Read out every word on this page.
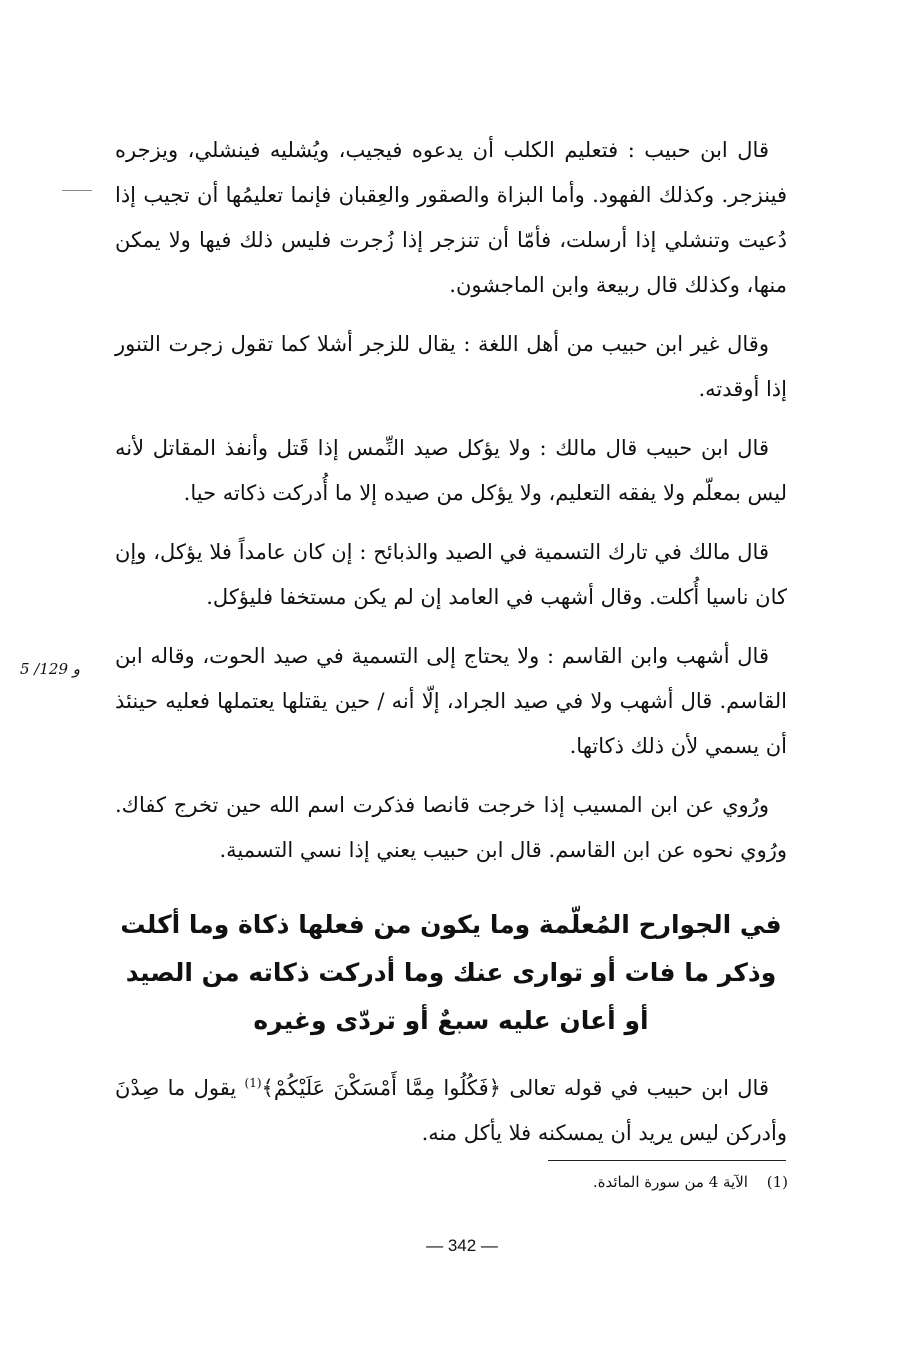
قال ابن حبيب : فتعليم الكلب أن يدعوه فيجيب، ويُشليه فينشلي، ويزجره فينزجر. وكذلك الفهود. وأما البزاة والصقور والعِقبان فإنما تعليمُها أن تجيب إذا دُعيت وتنشلي إذا أرسلت، فأمّا أن تنزجر إذا زُجرت فليس ذلك فيها ولا يمكن منها، وكذلك قال ربيعة وابن الماجشون.

وقال غير ابن حبيب من أهل اللغة : يقال للزجر أشلا كما تقول زجرت التنور إذا أوقدته.

قال ابن حبيب قال مالك : ولا يؤكل صيد النِّمس إذا قَتل وأنفذ المقاتل لأنه ليس بمعلّم ولا يفقه التعليم، ولا يؤكل من صيده إلا ما أُدركت ذكاته حيا.

قال مالك في تارك التسمية في الصيد والذبائح : إن كان عامداً فلا يؤكل، وإن كان ناسيا أُكلت. وقال أشهب في العامد إن لم يكن مستخفا فليؤكل.

قال أشهب وابن القاسم : ولا يحتاج إلى التسمية في صيد الحوت، وقاله ابن القاسم. قال أشهب ولا في صيد الجراد، إلّا أنه / حين يقتلها يعتملها فعليه حينئذ أن يسمي لأن ذلك ذكاتها.

ورُوي عن ابن المسيب إذا خرجت قانصا فذكرت اسم الله حين تخرج كفاك. ورُوي نحوه عن ابن القاسم. قال ابن حبيب يعني إذا نسي التسمية.

في الجوارح المُعلّمة وما يكون من فعلها ذكاة وما أكلت
وذكر ما فات أو توارى عنك وما أدركت ذكاته من الصيد
أو أعان عليه سبعٌ أو تردّى وغيره

قال ابن حبيب في قوله تعالى ﴿فَكُلُوا مِمَّا أَمْسَكْنَ عَلَيْكُمْ﴾$^{(1)}$ يقول ما صِدْنَ وأدركن ليس يريد أن يمسكنه فلا يأكل منه.

5 /129 و
(1) الآية 4 من سورة المائدة.
— 342 —
